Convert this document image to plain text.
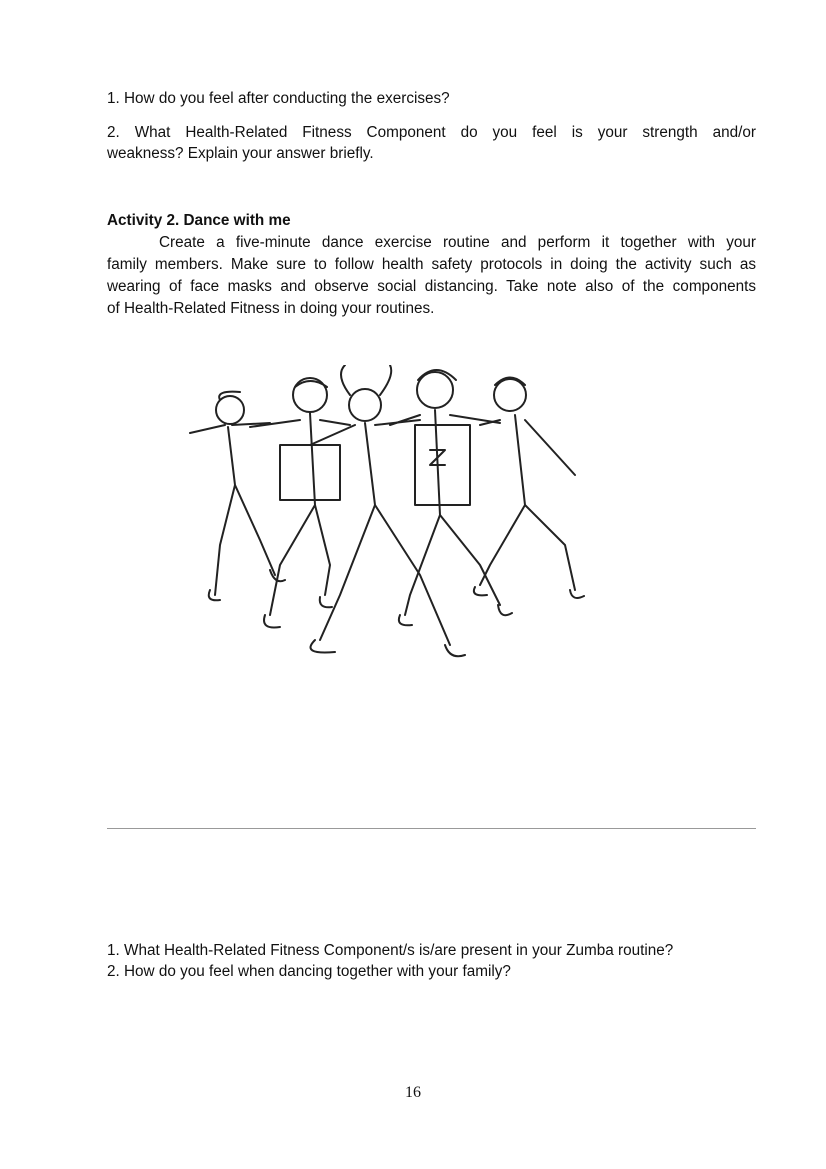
1. How do you feel after conducting the exercises?
2. What Health-Related Fitness Component do you feel is your strength and/or
weakness? Explain your answer briefly.
Activity 2. Dance with me
Create a five-minute dance exercise routine and perform it together with your
family members. Make sure to follow health safety protocols in doing the activity such as
wearing of face masks and observe social distancing. Take note also of the components
of Health-Related Fitness in doing your routines.
1. What Health-Related Fitness Component/s is/are present in your Zumba routine?
2. How do you feel when dancing together with your family?
16
